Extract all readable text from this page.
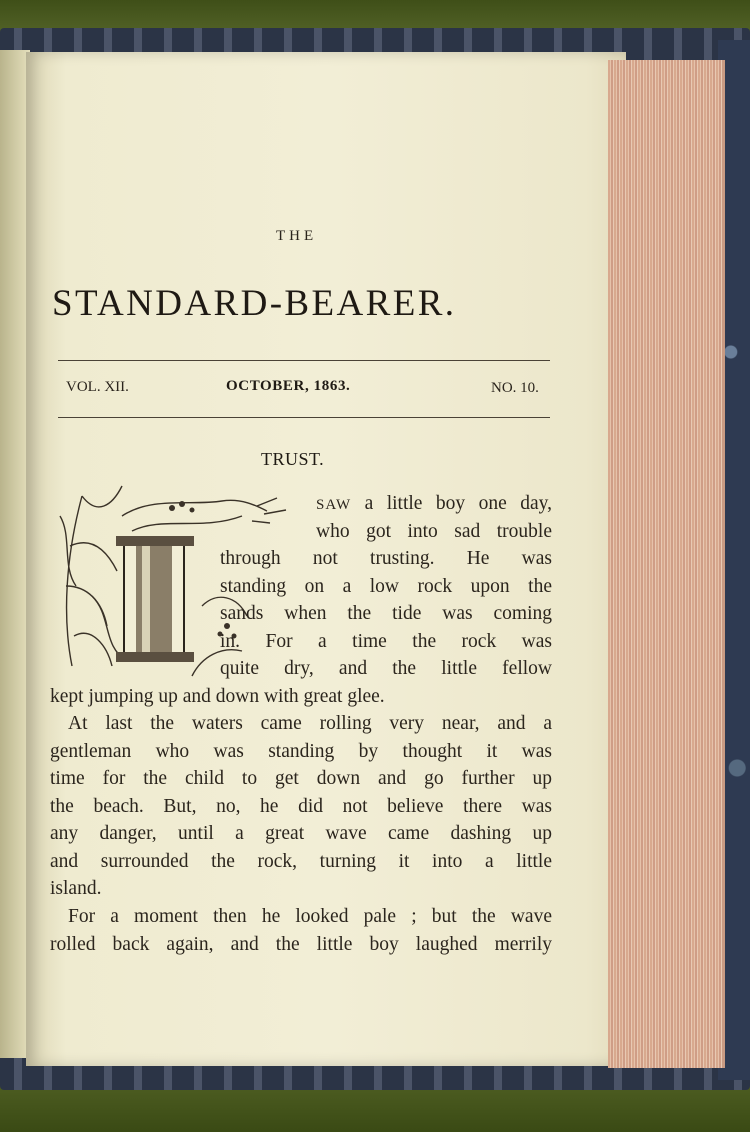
THE
STANDARD-BEARER.
VOL. XII.	OCTOBER, 1863.	NO. 10.
TRUST.
SAW a little boy one day,
who got into sad trouble
through not trusting. He was
standing on a low rock upon the
sands when the tide was coming
in. For a time the rock was
quite dry, and the little fellow
kept jumping up and down with great glee.
At last the waters came rolling very near, and a
gentleman who was standing by thought it was
time for the child to get down and go further up
the beach. But, no, he did not believe there was
any danger, until a great wave came dashing up
and surrounded the rock, turning it into a little
island.
For a moment then he looked pale ; but the wave
rolled back again, and the little boy laughed merrily
